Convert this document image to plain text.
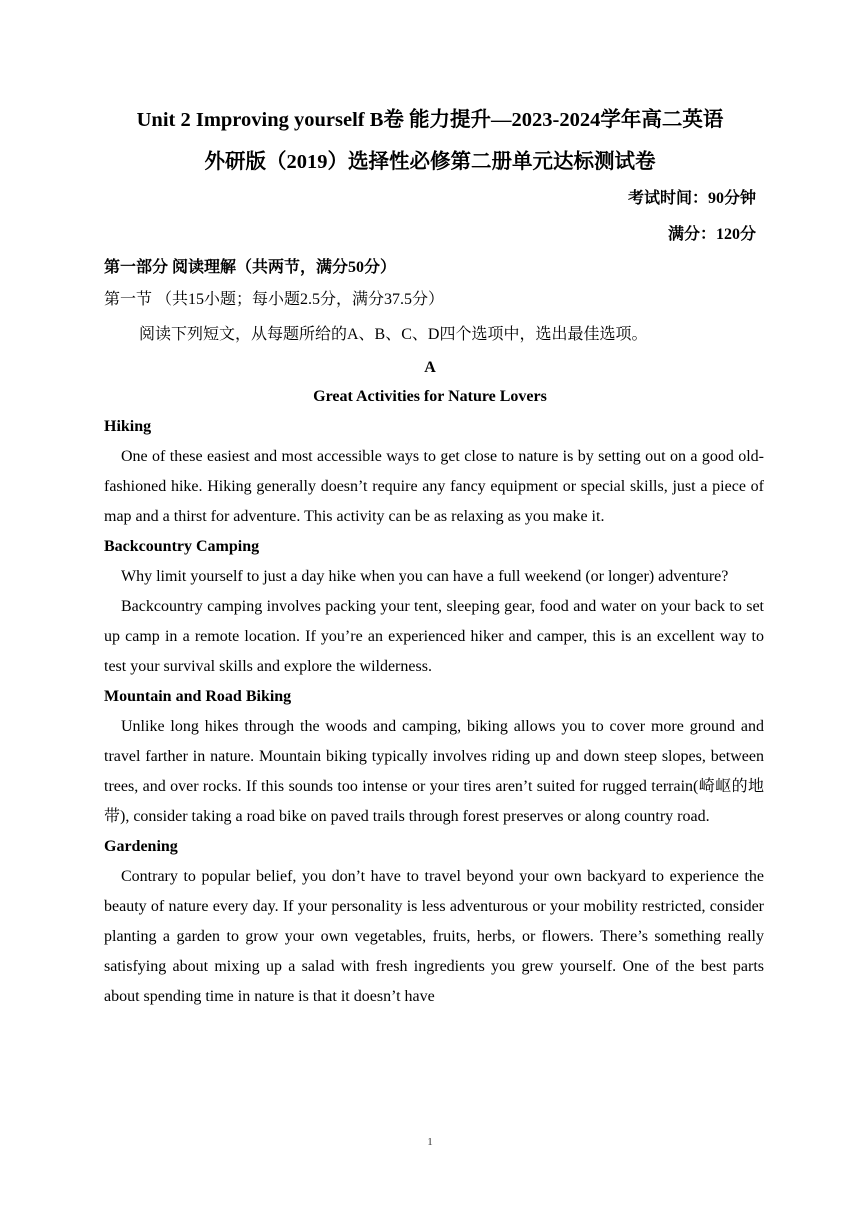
Unit 2 Improving yourself B卷 能力提升—2023-2024学年高二英语
外研版（2019）选择性必修第二册单元达标测试卷
考试时间：90分钟
满分：120分
第一部分 阅读理解（共两节，满分50分）
第一节 （共15小题；每小题2.5分，满分37.5分）
阅读下列短文，从每题所给的A、B、C、D四个选项中，选出最佳选项。
A
Great Activities for Nature Lovers
Hiking

One of these easiest and most accessible ways to get close to nature is by setting out on a good old-fashioned hike. Hiking generally doesn’t require any fancy equipment or special skills, just a piece of map and a thirst for adventure. This activity can be as relaxing as you make it.

Backcountry Camping

Why limit yourself to just a day hike when you can have a full weekend (or longer) adventure?

Backcountry camping involves packing your tent, sleeping gear, food and water on your back to set up camp in a remote location. If you’re an experienced hiker and camper, this is an excellent way to test your survival skills and explore the wilderness.

Mountain and Road Biking

Unlike long hikes through the woods and camping, biking allows you to cover more ground and travel farther in nature. Mountain biking typically involves riding up and down steep slopes, between trees, and over rocks. If this sounds too intense or your tires aren’t suited for rugged terrain(崎岖的地带), consider taking a road bike on paved trails through forest preserves or along country road.

Gardening

Contrary to popular belief, you don’t have to travel beyond your own backyard to experience the beauty of nature every day. If your personality is less adventurous or your mobility restricted, consider planting a garden to grow your own vegetables, fruits, herbs, or flowers. There’s something really satisfying about mixing up a salad with fresh ingredients you grew yourself. One of the best parts about spending time in nature is that it doesn’t have

1
